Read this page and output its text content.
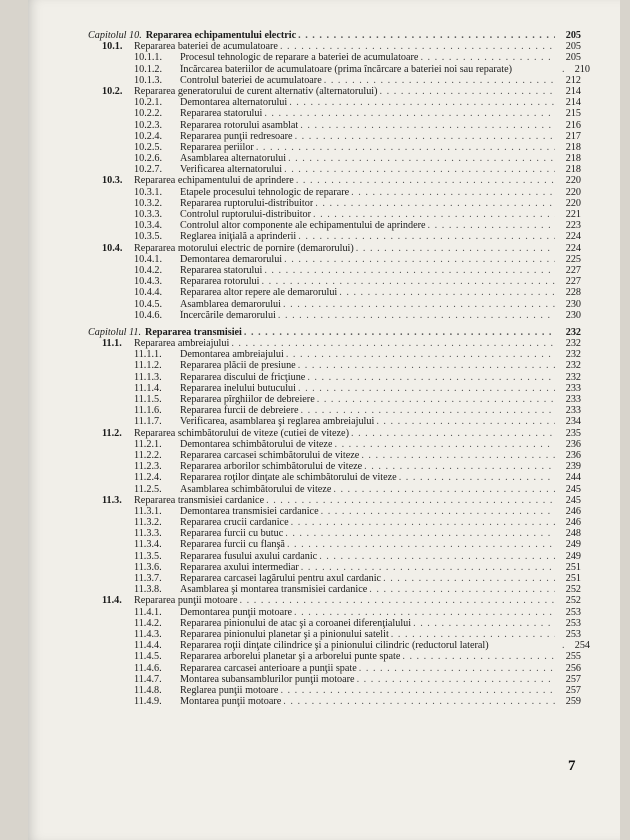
Capitolul 10. Repararea echipamentului electric . . .	205
10.1.	Repararea bateriei de acumulatoare . . .	205
10.1.1.	Procesul tehnologic de reparare a bateriei de acumulatoare . . .	205
10.1.2.	Încărcarea bateriilor de acumulatoare (prima încărcare a bateriei noi sau reparate) . . .	210
10.1.3.	Controlul bateriei de acumulatoare . . .	212
10.2.	Repararea generatorului de curent alternativ (alternatorului) . . .	214
10.2.1.	Demontarea alternatorului . . .	214
10.2.2.	Repararea statorului . . .	215
10.2.3.	Repararea rotorului asamblat . . .	216
10.2.4.	Repararea punţii redresoare . . .	217
10.2.5.	Repararea periilor . . .	218
10.2.6.	Asamblarea alternatorului . . .	218
10.2.7.	Verificarea alternatorului . . .	218
10.3.	Repararea echipamentului de aprindere . . .	220
10.3.1.	Etapele procesului tehnologic de reparare . . .	220
10.3.2.	Repararea ruptorului-distribuitor . . .	220
10.3.3.	Controlul ruptorului-distribuitor . . .	221
10.3.4.	Controlul altor componente ale echipamentului de aprindere . . .	223
10.3.5.	Reglarea iniţială a aprinderii . . .	224
10.4.	Repararea motorului electric de pornire (demarorului) . . .	224
10.4.1.	Demontarea demarorului . . .	225
10.4.2.	Repararea statorului . . .	227
10.4.3.	Repararea rotorului . . .	227
10.4.4.	Repararea altor repere ale demarorului . . .	228
10.4.5.	Asamblarea demarorului . . .	230
10.4.6.	Încercările demarorului . . .	230
Capitolul 11. Repararea transmisiei . . .	232
11.1.	Repararea ambreiajului . . .	232
11.1.1.	Demontarea ambreiajului . . .	232
11.1.2.	Repararea plăcii de presiune . . .	232
11.1.3.	Repararea discului de fricţiune . . .	232
11.1.4.	Repararea inelului butucului . . .	233
11.1.5.	Repararea pîrghiilor de debreiere . . .	233
11.1.6.	Repararea furcii de debreiere . . .	233
11.1.7.	Verificarea, asamblarea şi reglarea ambreiajului . . .	234
11.2.	Repararea schimbătorului de viteze (cutiei de viteze) . . .	235
11.2.1.	Demontarea schimbătorului de viteze . . .	236
11.2.2.	Repararea carcasei schimbătorului de viteze . . .	236
11.2.3.	Repararea arborilor schimbătorului de viteze . . .	239
11.2.4.	Repararea roţilor dinţate ale schimbătorului de viteze . . .	244
11.2.5.	Asamblarea schimbătorului de viteze . . .	245
11.3.	Repararea transmisiei cardanice . . .	245
11.3.1.	Demontarea transmisiei cardanice . . .	246
11.3.2.	Repararea crucii cardanice . . .	246
11.3.3.	Repararea furcii cu butuc . . .	248
11.3.4.	Repararea furcii cu flanşă . . .	249
11.3.5.	Repararea fusului axului cardanic . . .	249
11.3.6.	Repararea axului intermediar . . .	251
11.3.7.	Repararea carcasei lagărului pentru axul cardanic . . .	251
11.3.8.	Asamblarea şi montarea transmisiei cardanice . . .	252
11.4.	Repararea punţii motoare . . .	252
11.4.1.	Demontarea punţii motoare . . .	253
11.4.2.	Repararea pinionului de atac şi a coroanei diferenţialului . . .	253
11.4.3.	Repararea pinionului planetar şi a pinionului satelit . . .	253
11.4.4.	Repararea roţii dinţate cilindrice şi a pinionului cilindric (reductorul lateral) . . .	254
11.4.5.	Repararea arborelui planetar şi a arborelui punte spate . . .	255
11.4.6.	Repararea carcasei anterioare a punţii spate . . .	256
11.4.7.	Montarea subansamblurilor punţii motoare . . .	257
11.4.8.	Reglarea punţii motoare . . .	257
11.4.9.	Montarea punţii motoare . . .	259
7
